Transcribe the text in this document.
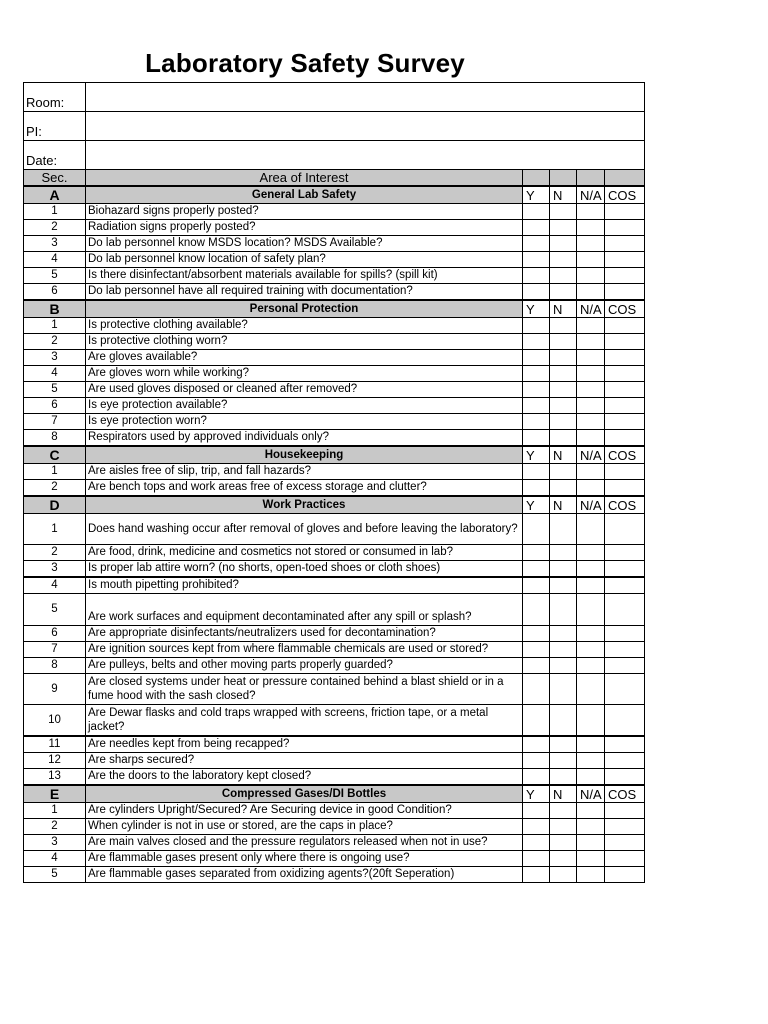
Laboratory Safety Survey
Room:					
PI:					
Date:					
Sec.	Area of Interest				
A	General Lab Safety	Y	N	N/A	COS
1	Biohazard signs properly posted?				
2	Radiation signs properly posted?				
3	Do lab personnel know MSDS location? MSDS Available?				
4	Do lab personnel know location of safety plan?				
5	Is there disinfectant/absorbent materials available for spills? (spill kit)				
6	Do lab personnel have all required training with documentation?				
B	Personal Protection	Y	N	N/A	COS
1	Is protective clothing available?				
2	Is protective clothing worn?				
3	Are gloves available?				
4	Are gloves worn while working?				
5	Are used gloves disposed or cleaned after removed?				
6	Is eye protection available?				
7	Is eye protection worn?				
8	Respirators used by approved individuals only?				
C	Housekeeping	Y	N	N/A	COS
1	Are aisles free of slip, trip, and fall hazards?				
2	Are bench tops and work areas free of excess storage and clutter?				
D	Work Practices	Y	N	N/A	COS
1	Does hand washing occur after removal of gloves and before leaving the laboratory?				
2	Are food, drink, medicine and cosmetics not stored or consumed in lab?				
3	Is proper lab attire worn? (no shorts, open-toed shoes or cloth shoes)				
4	Is mouth pipetting prohibited?				
5	Are work surfaces and equipment decontaminated after any spill or splash?				
6	Are appropriate disinfectants/neutralizers used for decontamination?				
7	Are ignition sources kept from where flammable chemicals are used or stored?				
8	Are pulleys, belts and other moving parts properly guarded?				
9	Are closed systems under heat or pressure contained behind a blast shield or in a fume hood with the sash closed?				
10	Are Dewar flasks and cold traps wrapped with screens, friction tape, or a metal jacket?				
11	Are needles kept from being recapped?				
12	Are sharps secured?				
13	Are the doors to the laboratory kept closed?				
E	Compressed Gases/DI Bottles	Y	N	N/A	COS
1	Are cylinders Upright/Secured? Are Securing device in good Condition?				
2	When cylinder is not in use or stored, are the caps in place?				
3	Are main valves closed and the pressure regulators released when not in use?				
4	Are flammable gases present only where there is ongoing use?				
5	Are flammable gases separated from oxidizing agents?(20ft Seperation)				
